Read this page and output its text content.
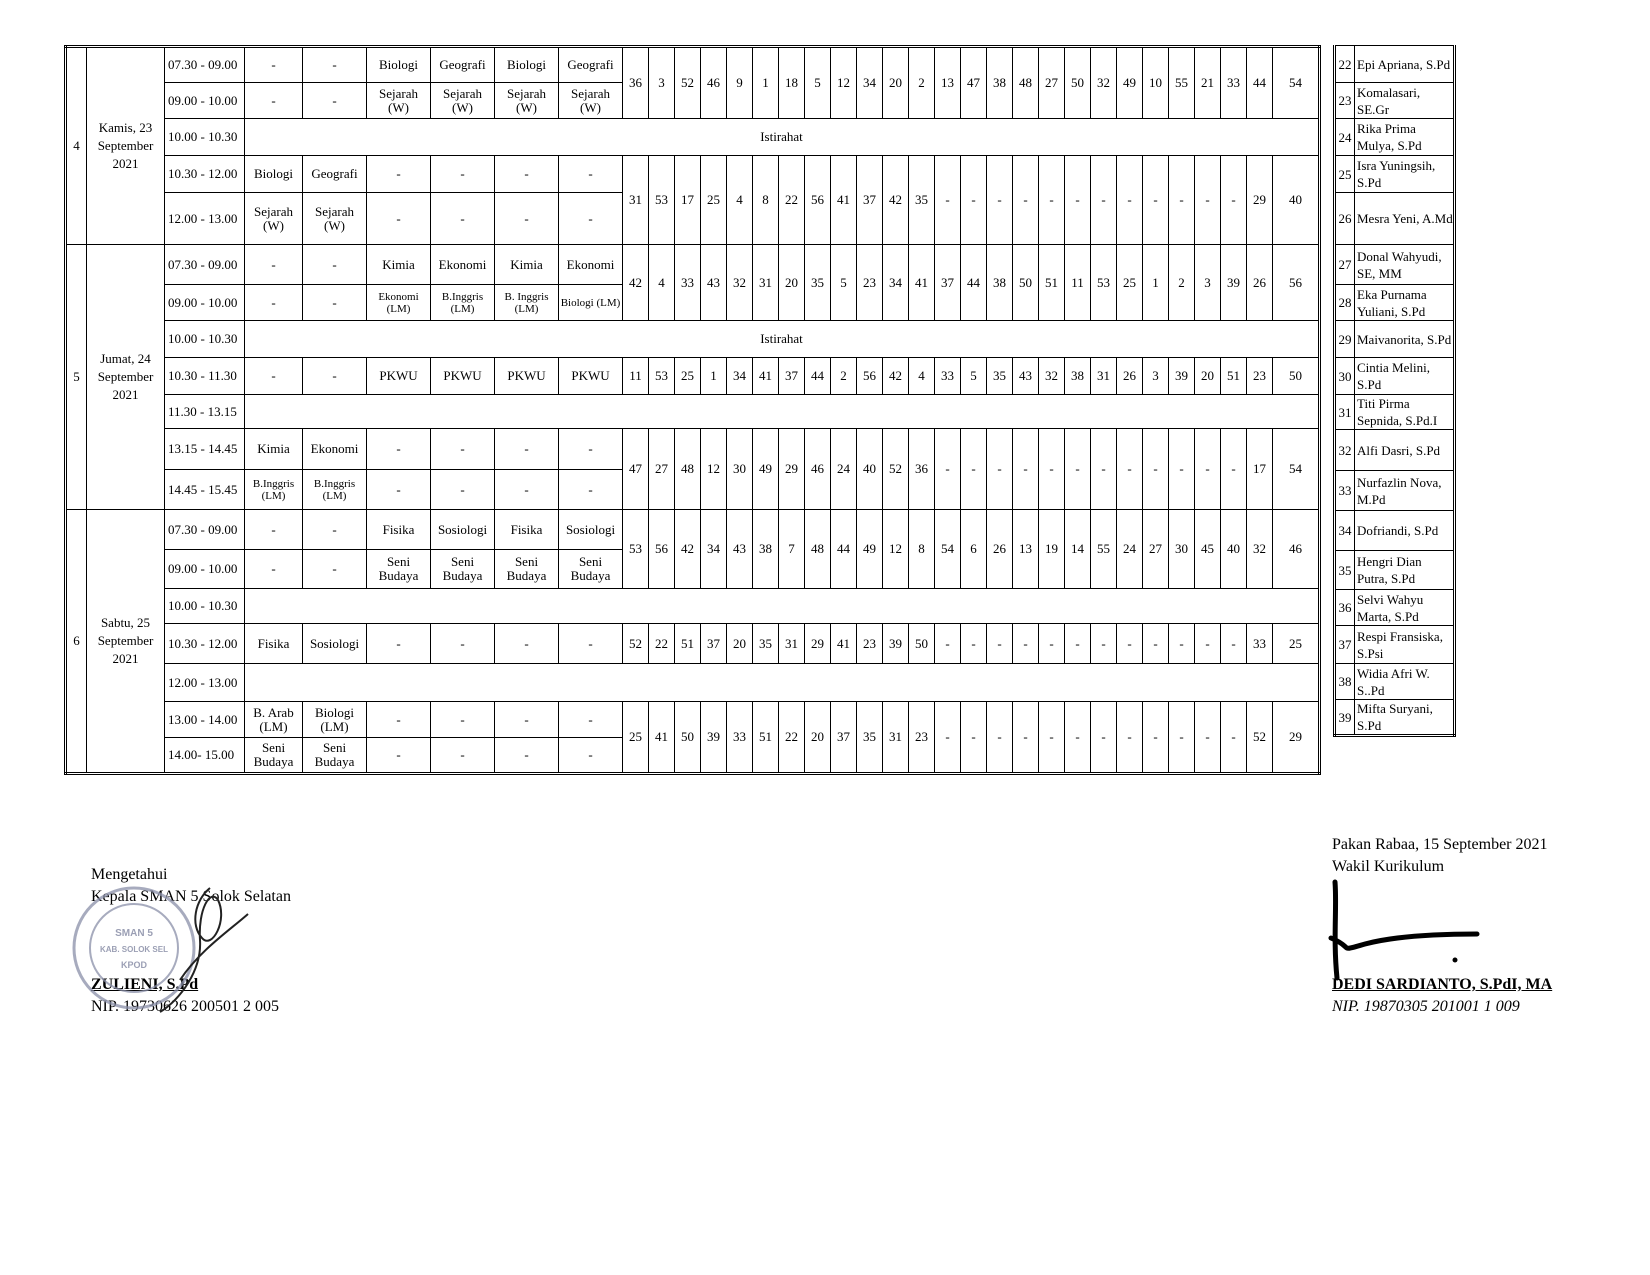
4	Kamis, 23 September 2021	07.30 - 09.00	-	-	Biologi	Geografi	Biologi	Geografi	36	3	52	46	9	1	18	5	12	34	20	2	13	47	38	48	27	50	32	49	10	55	21	33	44	54
		09.00 - 10.00	-	-	Sejarah (W)	Sejarah (W)	Sejarah (W)	Sejarah (W)																										
		10.00 - 10.30	Istirahat																															
		10.30 - 12.00	Biologi	Geografi	-	-	-	-	31	53	17	25	4	8	22	56	41	37	42	35	-	-	-	-	-	-	-	-	-	-	-	-	29	40
		12.00 - 13.00	Sejarah (W)	Sejarah (W)	-	-	-	-																										
5	Jumat, 24 September 2021	07.30 - 09.00	-	-	Kimia	Ekonomi	Kimia	Ekonomi	42	4	33	43	32	31	20	35	5	23	34	41	37	44	38	50	51	11	53	25	1	2	3	39	26	56
		09.00 - 10.00	-	-	Ekonomi (LM)	B.Inggris (LM)	B. Inggris (LM)	Biologi (LM)																										
		10.00 - 10.30	Istirahat																															
		10.30 - 11.30	-	-	PKWU	PKWU	PKWU	PKWU	11	53	25	1	34	41	37	44	2	56	42	4	33	5	35	43	32	38	31	26	3	39	20	51	23	50
		11.30 - 13.15																																
		13.15 - 14.45	Kimia	Ekonomi	-	-	-	-	47	27	48	12	30	49	29	46	24	40	52	36	-	-	-	-	-	-	-	-	-	-	-	-	17	54
		14.45 - 15.45	B.Inggris (LM)	B.Inggris (LM)	-	-	-	-																										
6	Sabtu, 25 September 2021	07.30 - 09.00	-	-	Fisika	Sosiologi	Fisika	Sosiologi	53	56	42	34	43	38	7	48	44	49	12	8	54	6	26	13	19	14	55	24	27	30	45	40	32	46
		09.00 - 10.00	-	-	Seni Budaya	Seni Budaya	Seni Budaya	Seni Budaya																										
		10.00 - 10.30																																
		10.30 - 12.00	Fisika	Sosiologi	-	-	-	-	52	22	51	37	20	35	31	29	41	23	39	50	-	-	-	-	-	-	-	-	-	-	-	-	33	25
		12.00 - 13.00																																
		13.00 - 14.00	B. Arab (LM)	Biologi (LM)	-	-	-	-	25	41	50	39	33	51	22	20	37	35	31	23	-	-	-	-	-	-	-	-	-	-	-	-	52	29
		14.00- 15.00	Seni Budaya	Seni Budaya	-	-	-	-																										
22	Epi Apriana, S.Pd
23	Komalasari, SE.Gr
24	Rika Prima Mulya, S.Pd
25	Isra Yuningsih, S.Pd
26	Mesra Yeni, A.Md
27	Donal Wahyudi, SE, MM
28	Eka Purnama Yuliani, S.Pd
29	Maivanorita, S.Pd
30	Cintia Melini, S.Pd
31	Titi Pirma Sepnida, S.Pd.I
32	Alfi Dasri, S.Pd
33	Nurfazlin Nova, M.Pd
34	Dofriandi, S.Pd
35	Hengri Dian Putra, S.Pd
36	Selvi Wahyu Marta, S.Pd
37	Respi Fransiska, S.Psi
38	Widia Afri W. S..Pd
39	Mifta Suryani, S.Pd
Mengetahui
Kepala SMAN 5 Solok Selatan
ZULIENI, S.Pd
NIP. 19730626 200501 2 005
SMAN 5
KAB. SOLOK SEL
KPOD
Pakan Rabaa, 15 September 2021
Wakil Kurikulum
DEDI SARDIANTO, S.PdI, MA
NIP. 19870305 201001 1 009
